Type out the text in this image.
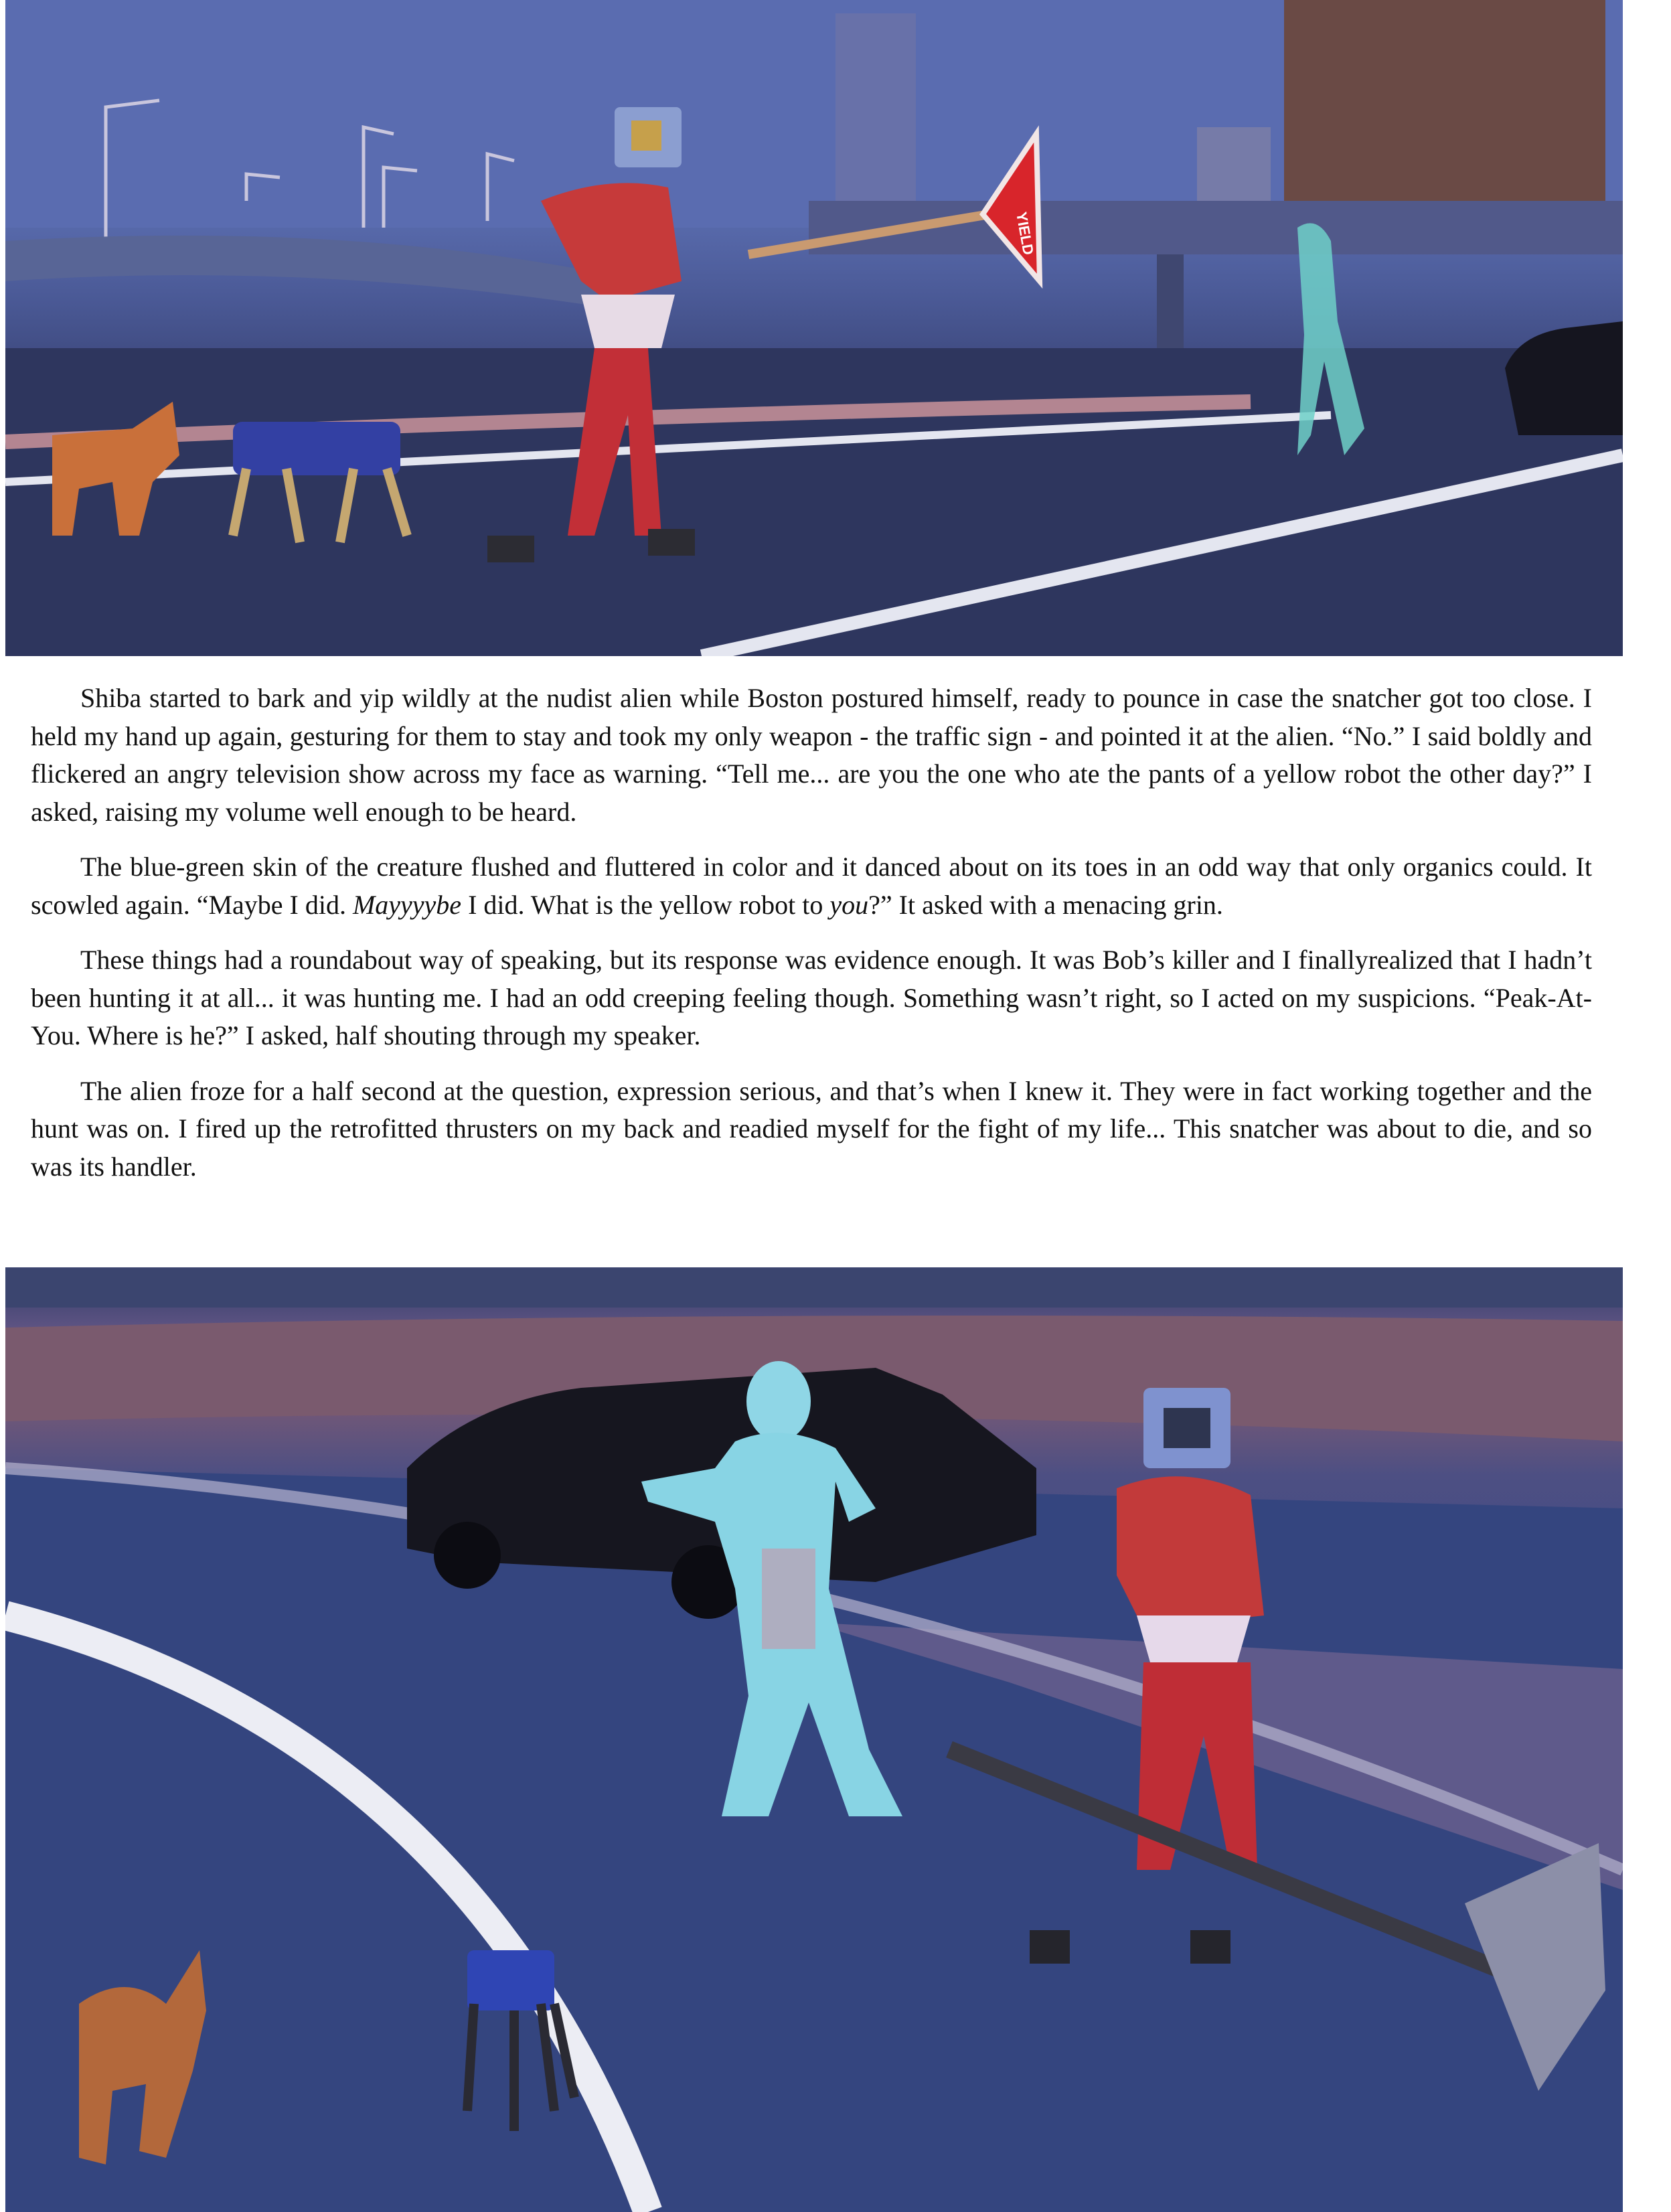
YIELD

Shiba started to bark and yip wildly at the nudist alien while Boston postured himself, ready to pounce in case the snatcher got too close. I held my hand up again, gesturing for them to stay and took my only weapon - the traffic sign - and pointed it at the alien. “No.” I said boldly and flickered an angry television show across my face as warning. “Tell me... are you the one who ate the pants of a yellow robot the other day?” I asked, raising my volume well enough to be heard.

The blue-green skin of the creature flushed and fluttered in color and it danced about on its toes in an odd way that only organics could. It scowled again. “Maybe I did. Mayyyybe I did. What is the yellow robot to you?” It asked with a menacing grin.

These things had a roundabout way of speaking, but its response was evidence enough. It was Bob’s killer and I finallyrealized that I hadn’t been hunting it at all... it was hunting me. I had an odd creeping feeling though. Something wasn’t right, so I acted on my suspicions. “Peak-At-You. Where is he?” I asked, half shouting through my speaker.

The alien froze for a half second at the question, expression serious, and that’s when I knew it. They were in fact working together and the hunt was on. I fired up the retrofitted thrusters on my back and readied myself for the fight of my life... This snatcher was about to die, and so was its handler.
